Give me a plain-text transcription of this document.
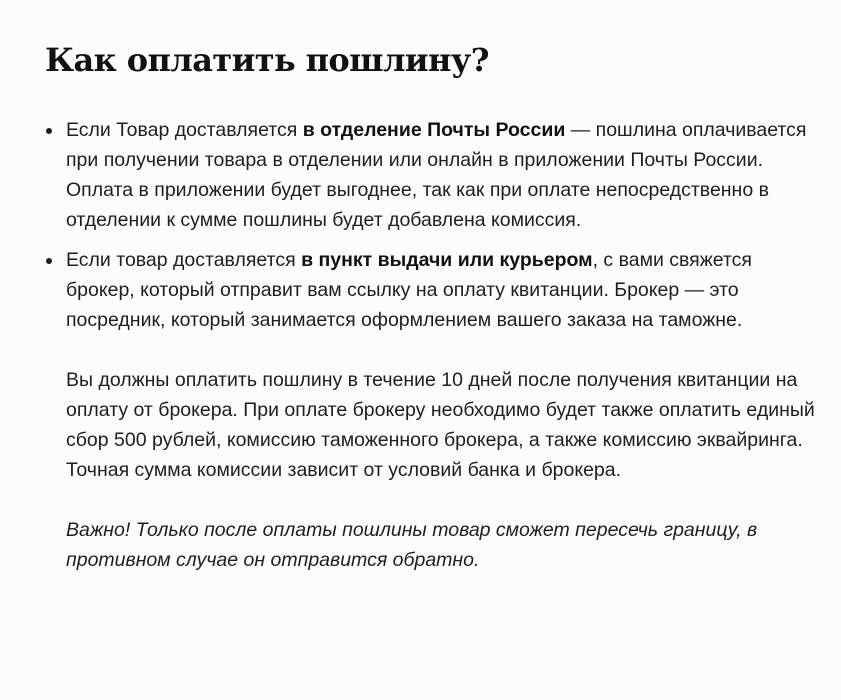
Как оплатить пошлину?

Если Товар доставляется в отделение Почты России — пошлина оплачивается при получении товара в отделении или онлайн в приложении Почты России. Оплата в приложении будет выгоднее, так как при оплате непосредственно в отделении к сумме пошлины будет добавлена комиссия.

Если товар доставляется в пункт выдачи или курьером, с вами свяжется брокер, который отправит вам ссылку на оплату квитанции. Брокер — это посредник, который занимается оформлением вашего заказа на таможне.

Вы должны оплатить пошлину в течение 10 дней после получения квитанции на оплату от брокера. При оплате брокеру необходимо будет также оплатить единый сбор 500 рублей, комиссию таможенного брокера, а также комиссию эквайринга. Точная сумма комиссии зависит от условий банка и брокера.

Важно! Только после оплаты пошлины товар сможет пересечь границу, в противном случае он отправится обратно.
